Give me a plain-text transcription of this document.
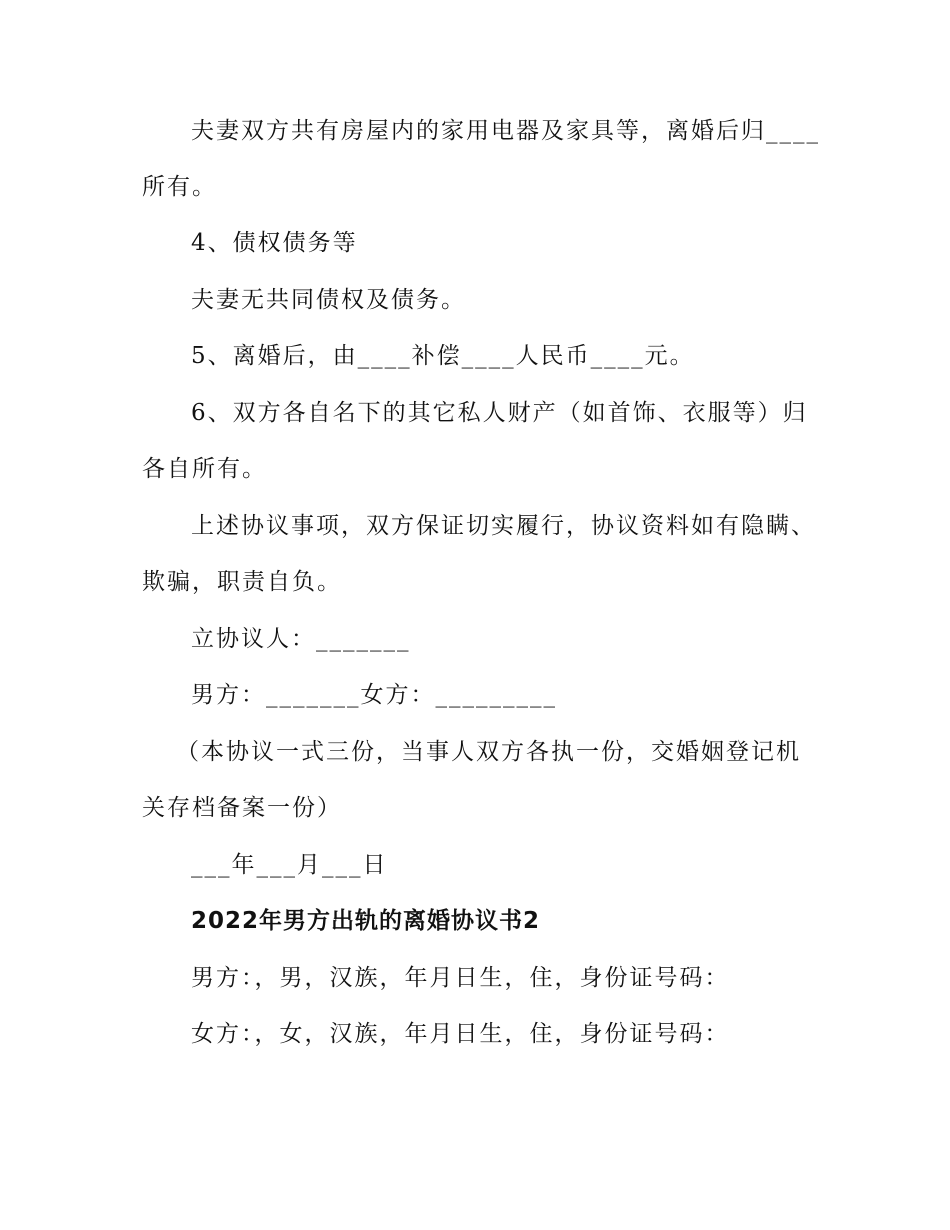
夫妻双方共有房屋内的家用电器及家具等，离婚后归____
所有。
4、债权债务等
夫妻无共同债权及债务。
5、离婚后，由____补偿____人民币____元。
6、双方各自名下的其它私人财产（如首饰、衣服等）归
各自所有。
上述协议事项，双方保证切实履行，协议资料如有隐瞒、
欺骗，职责自负。
立协议人：_______
男方：_______女方：_________
（本协议一式三份，当事人双方各执一份，交婚姻登记机
关存档备案一份）
___年___月___日
2022年男方出轨的离婚协议书2
男方：，男，汉族，年月日生，住，身份证号码：
女方：，女，汉族，年月日生，住，身份证号码：
